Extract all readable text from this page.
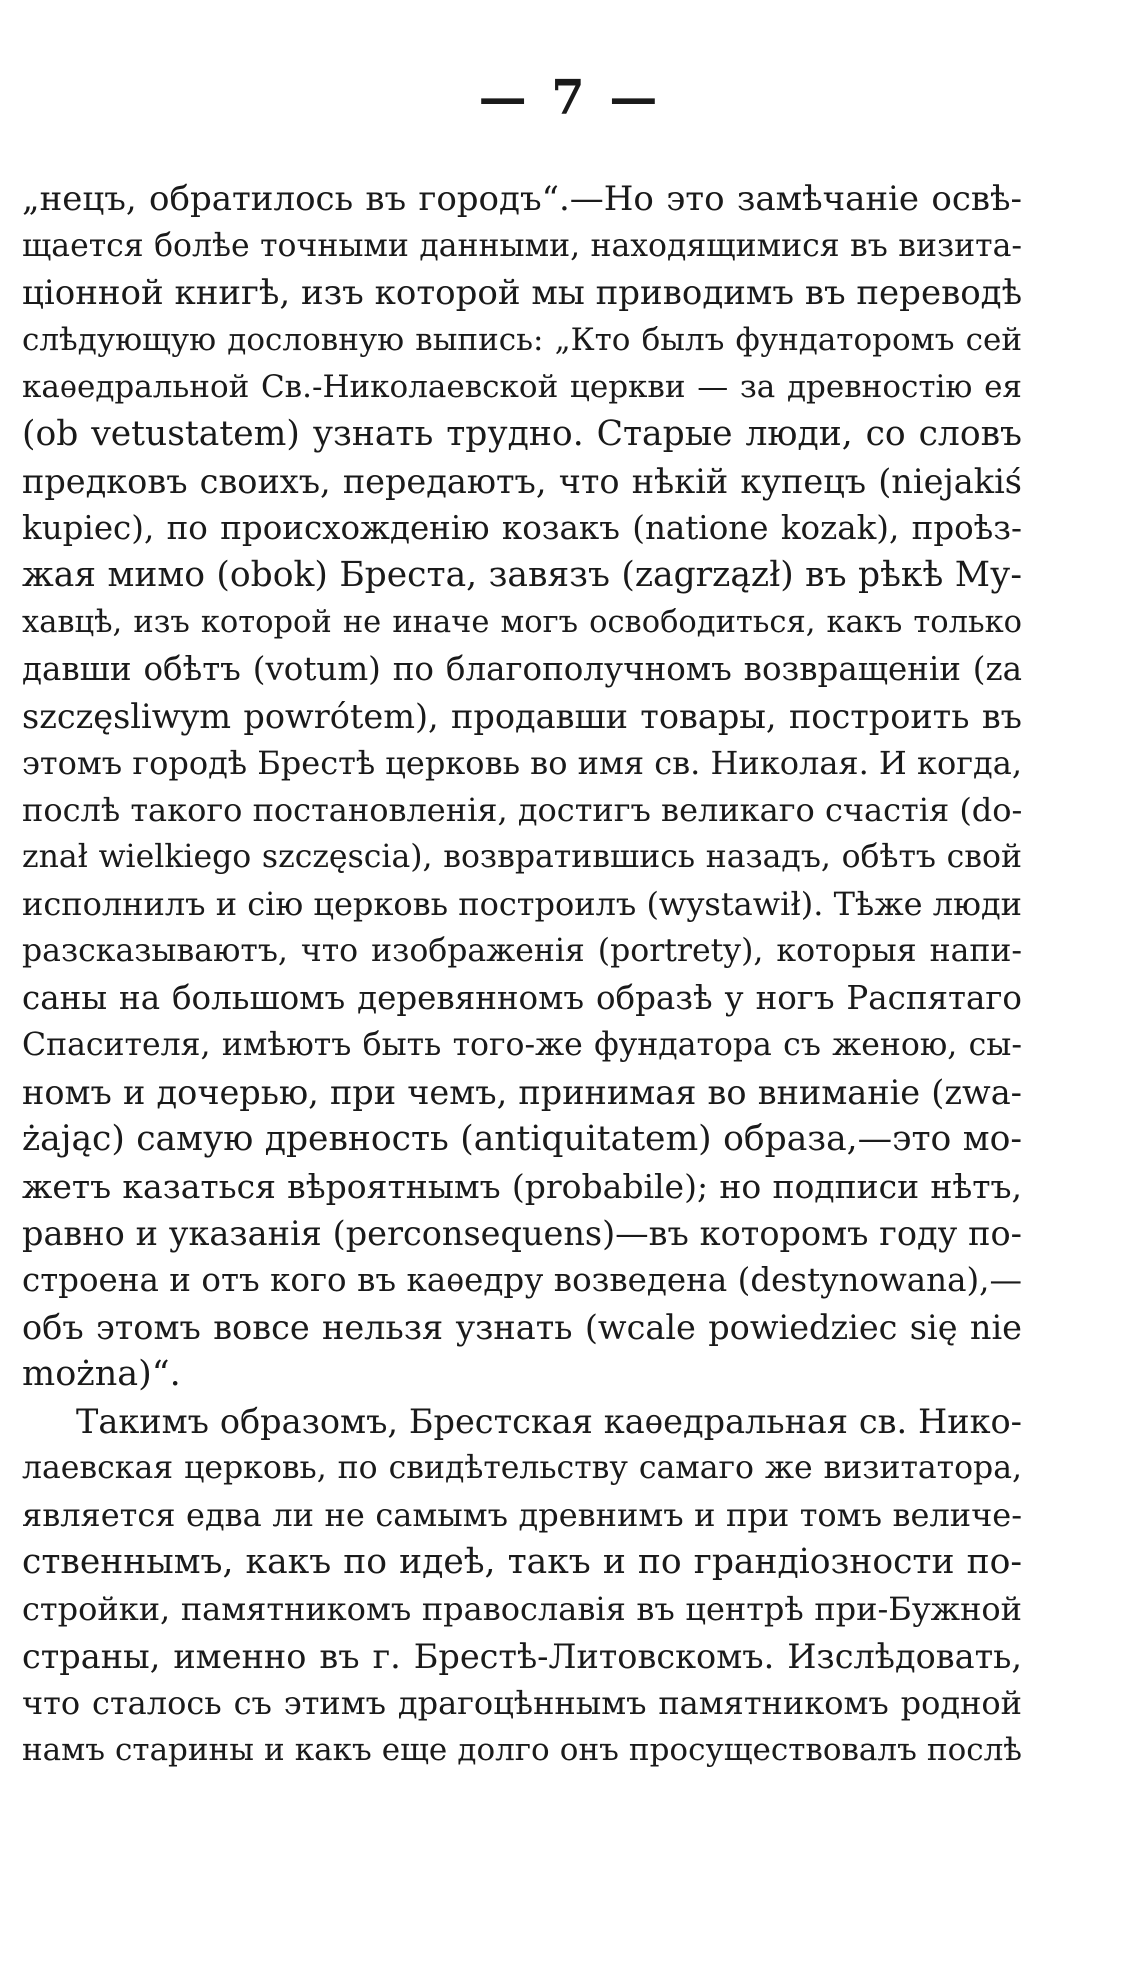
— 7 —
„нецъ, обратилось въ городъ“.—Но это замѣчаніе освѣ-
щается болѣе точными данными, находящимися въ визита-
ціонной книгѣ, изъ которой мы приводимъ въ переводѣ
слѣдующую дословную выпись: „Кто былъ фундаторомъ сей
каѳедральной Св.-Николаевской церкви — за древностію ея
(ob vetustatem) узнать трудно. Старые люди, со словъ
предковъ своихъ, передаютъ, что нѣкій купецъ (niejakiś
kupiec), по происхожденію козакъ (natione kozak), проѣз-
жая мимо (obok) Бреста, завязъ (zagrzązł) въ рѣкѣ Му-
хавцѣ, изъ которой не иначе могъ освободиться, какъ только
давши обѣтъ (votum) по благополучномъ возвращеніи (za
szczęsliwym powrótem), продавши товары, построить въ
этомъ городѣ Брестѣ церковь во имя св. Николая. И когда,
послѣ такого постановленія, достигъ великаго счастія (do-
znał wielkiego szczęscia), возвратившись назадъ, обѣтъ свой
исполнилъ и сію церковь построилъ (wystawił). Тѣже люди
разсказываютъ, что изображенія (portrety), которыя напи-
саны на большомъ деревянномъ образѣ у ногъ Распятаго
Спасителя, имѣютъ быть того-же фундатора съ женою, сы-
номъ и дочерью, при чемъ, принимая во вниманіе (zwa-
żając) самую древность (antiquitatem) образа,—это мо-
жетъ казаться вѣроятнымъ (probabile); но подписи нѣтъ,
равно и указанія (perconsequens)—въ которомъ году по-
строена и отъ кого въ каѳедру возведена (destynowana),—
объ этомъ вовсе нельзя узнать (wcale powiedziec się nie
można)“.
Такимъ образомъ, Брестская каѳедральная св. Нико-
лаевская церковь, по свидѣтельству самаго же визитатора,
является едва ли не самымъ древнимъ и при томъ величе-
ственнымъ, какъ по идеѣ, такъ и по грандіозности по-
стройки, памятникомъ православія въ центрѣ при-Бужной
страны, именно въ г. Брестѣ-Литовскомъ. Изслѣдовать,
что сталось съ этимъ драгоцѣннымъ памятникомъ родной
намъ старины и какъ еще долго онъ просуществовалъ послѣ
